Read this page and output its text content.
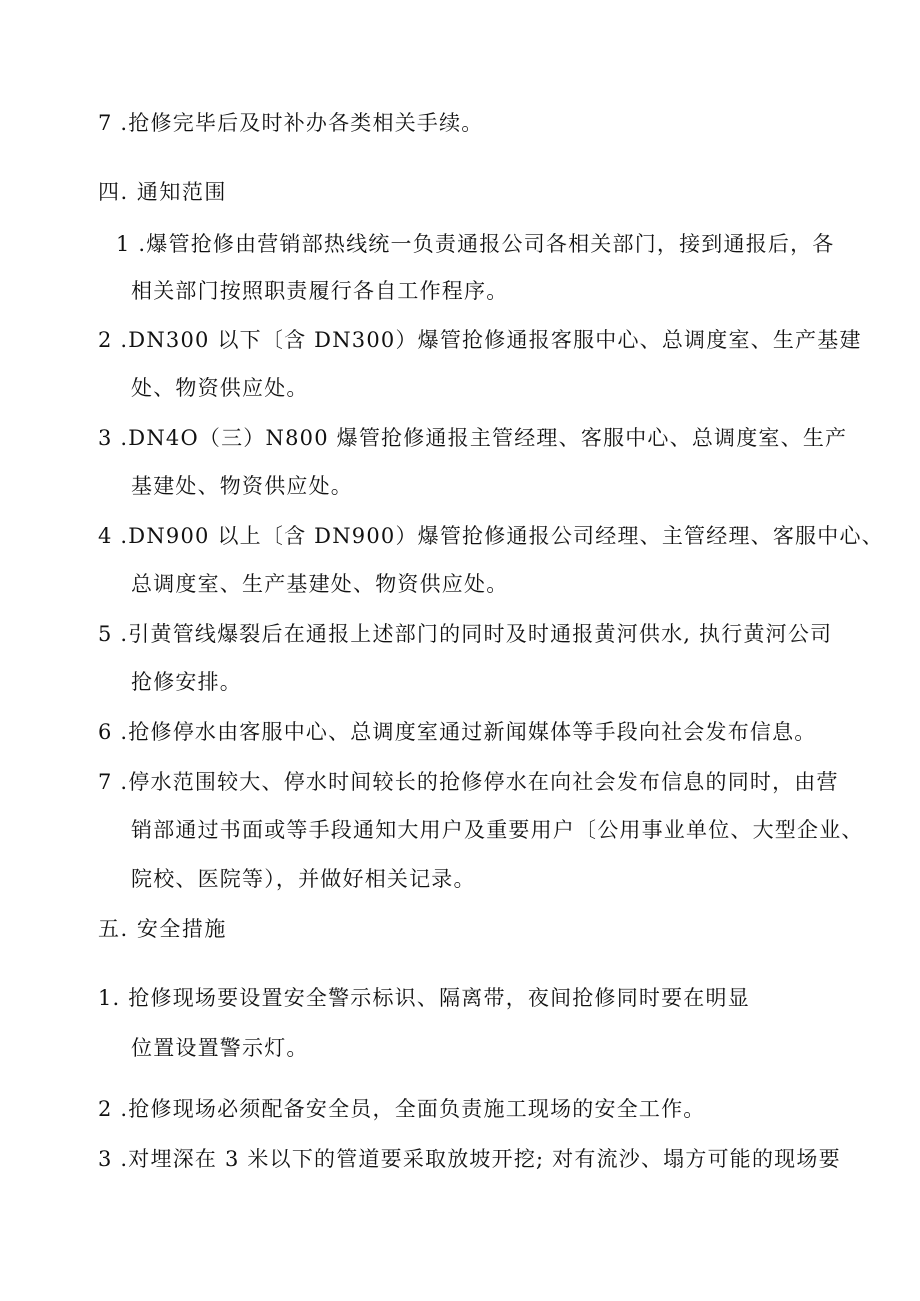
7 .抢修完毕后及时补办各类相关手续。
四. 通知范围
1 .爆管抢修由营销部热线统一负责通报公司各相关部门，接到通报后，各
相关部门按照职责履行各自工作程序。
2 .DN300 以下〔含 DN300）爆管抢修通报客服中心、总调度室、生产基建
处、物资供应处。
3 .DN4O（三）N800 爆管抢修通报主管经理、客服中心、总调度室、生产
基建处、物资供应处。
4 .DN900 以上〔含 DN900）爆管抢修通报公司经理、主管经理、客服中心、
总调度室、生产基建处、物资供应处。
5 .引黄管线爆裂后在通报上述部门的同时及时通报黄河供水, 执行黄河公司
抢修安排。
6 .抢修停水由客服中心、总调度室通过新闻媒体等手段向社会发布信息。
7 .停水范围较大、停水时间较长的抢修停水在向社会发布信息的同时，由营
销部通过书面或等手段通知大用户及重要用户〔公用事业单位、大型企业、
院校、医院等），并做好相关记录。
五. 安全措施
1. 抢修现场要设置安全警示标识、隔离带，夜间抢修同时要在明显
位置设置警示灯。
2 .抢修现场必须配备安全员，全面负责施工现场的安全工作。
3 .对埋深在 3 米以下的管道要采取放坡开挖; 对有流沙、塌方可能的现场要
